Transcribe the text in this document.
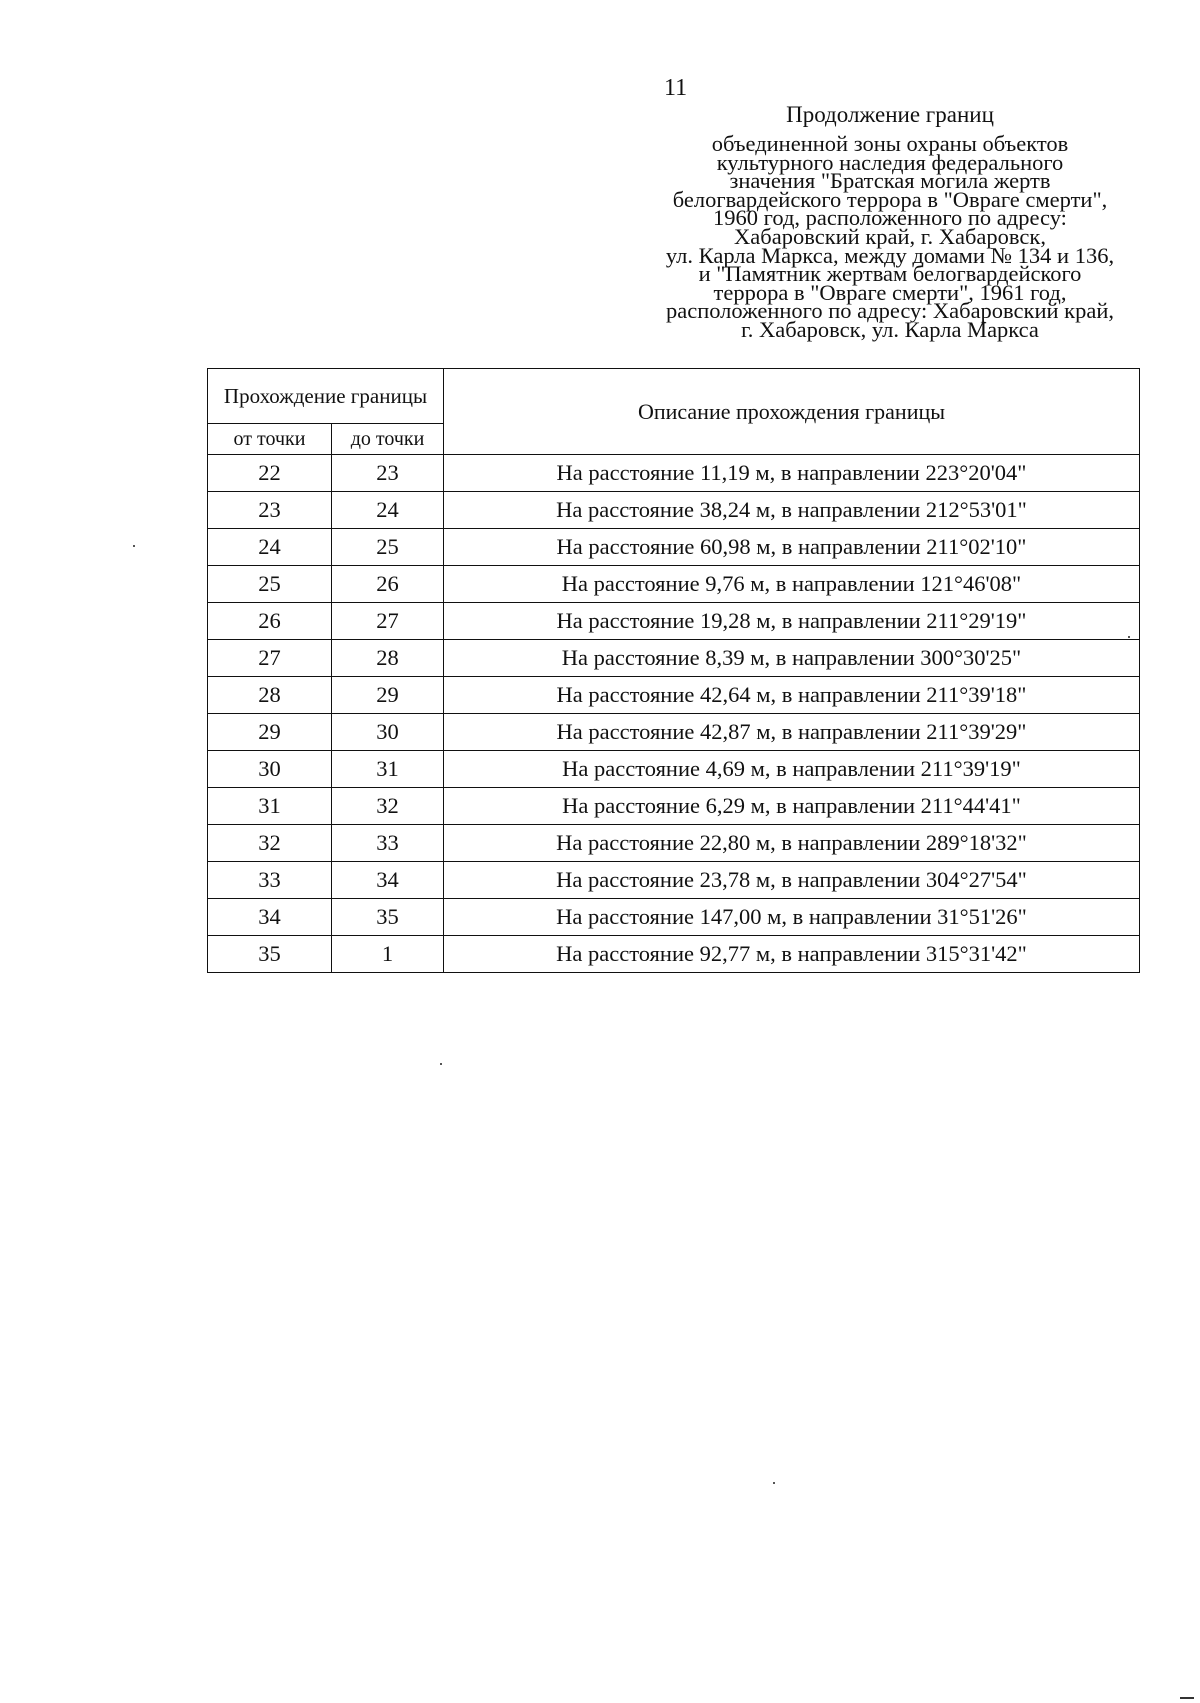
11
Продолжение границ
объединенной зоны охраны объектов
культурного наследия федерального
значения "Братская могила жертв
белогвардейского террора в "Овраге смерти",
1960 год, расположенного по адресу:
Хабаровский край, г. Хабаровск,
ул. Карла Маркса, между домами № 134 и 136,
и "Памятник жертвам белогвардейского
террора в "Овраге смерти", 1961 год,
расположенного по адресу: Хабаровский край,
г. Хабаровск, ул. Карла Маркса
Прохождение границы		Описание прохождения границы
от точки	до точки	
22	23	На расстояние 11,19 м, в направлении 223°20'04"
23	24	На расстояние 38,24 м, в направлении 212°53'01"
24	25	На расстояние 60,98 м, в направлении 211°02'10"
25	26	На расстояние 9,76 м, в направлении 121°46'08"
26	27	На расстояние 19,28 м, в направлении 211°29'19"
27	28	На расстояние 8,39 м, в направлении 300°30'25"
28	29	На расстояние 42,64 м, в направлении 211°39'18"
29	30	На расстояние 42,87 м, в направлении 211°39'29"
30	31	На расстояние 4,69 м, в направлении 211°39'19"
31	32	На расстояние 6,29 м, в направлении 211°44'41"
32	33	На расстояние 22,80 м, в направлении 289°18'32"
33	34	На расстояние 23,78 м, в направлении 304°27'54"
34	35	На расстояние 147,00 м, в направлении 31°51'26"
35	1	На расстояние 92,77 м, в направлении 315°31'42"
